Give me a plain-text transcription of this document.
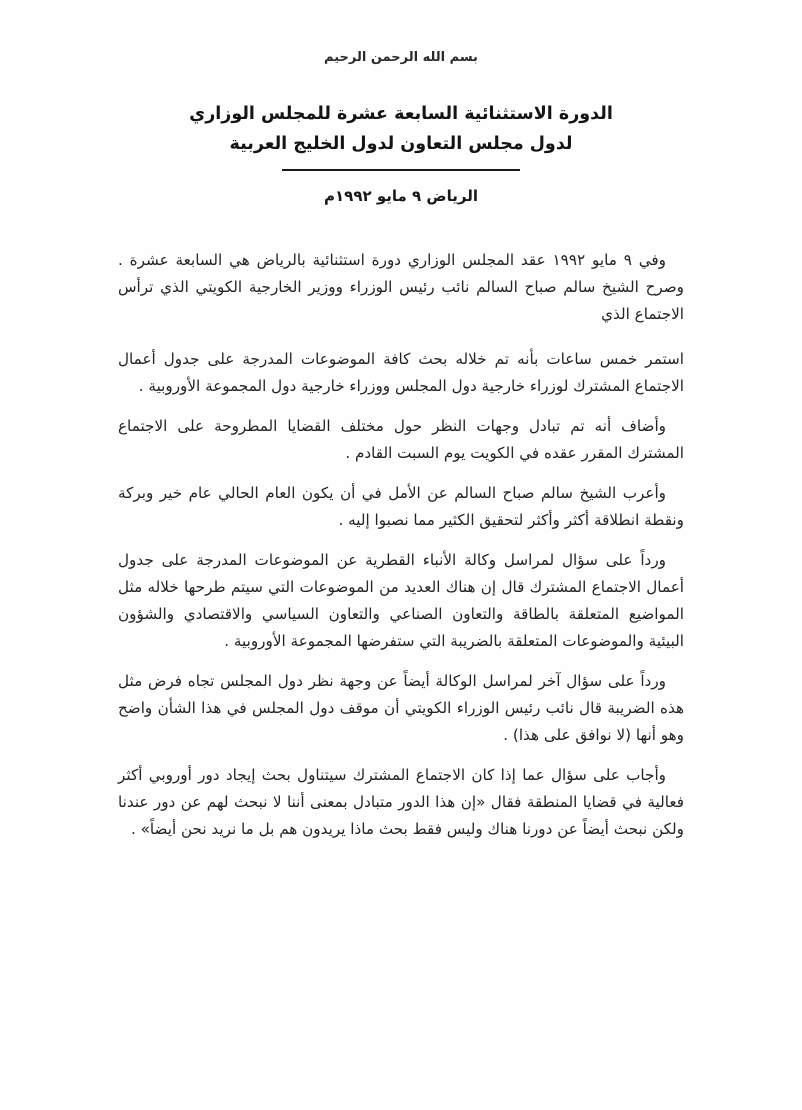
بسم الله الرحمن الرحيم

الدورة الاستثنائية السابعة عشرة للمجلس الوزاري

لدول مجلس التعاون لدول الخليج العربية

الرياض ٩ مايو ١٩٩٢م

وفي ٩ مايو ١٩٩٢ عقد المجلس الوزاري دورة استثنائية بالرياض هي السابعة عشرة . وصرح الشيخ سالم صباح السالم نائب رئيس الوزراء ووزير الخارجية الكويتي الذي ترأس الاجتماع الذي

استمر خمس ساعات بأنه تم خلاله بحث كافة الموضوعات المدرجة على جدول أعمال الاجتماع المشترك لوزراء خارجية دول المجلس ووزراء خارجية دول المجموعة الأوروبية .

وأضاف أنه تم تبادل وجهات النظر حول مختلف القضايا المطروحة على الاجتماع المشترك المقرر عقده في الكويت يوم السبت القادم .

وأعرب الشيخ سالم صباح السالم عن الأمل في أن يكون العام الحالي عام خير وبركة ونقطة انطلاقة أكثر وأكثر لتحقيق الكثير مما نصبوا إليه .

ورداً على سؤال لمراسل وكالة الأنباء القطرية عن الموضوعات المدرجة على جدول أعمال الاجتماع المشترك قال إن هناك العديد من الموضوعات التي سيتم طرحها خلاله مثل المواضيع المتعلقة بالطاقة والتعاون الصناعي والتعاون السياسي والاقتصادي والشؤون البيئية والموضوعات المتعلقة بالضريبة التي ستفرضها المجموعة الأوروبية .

ورداً على سؤال آخر لمراسل الوكالة أيضاً عن وجهة نظر دول المجلس تجاه فرض مثل هذه الضريبة قال نائب رئيس الوزراء الكويتي أن موقف دول المجلس في هذا الشأن واضح وهو أنها (لا نوافق على هذا) .

وأجاب على سؤال عما إذا كان الاجتماع المشترك سيتناول بحث إيجاد دور أوروبي أكثر فعالية في قضايا المنطقة فقال «إن هذا الدور متبادل بمعنى أننا لا نبحث لهم عن دور عندنا ولكن نبحث أيضاً عن دورنا هناك وليس فقط بحث ماذا يريدون هم بل ما نريد نحن أيضاً» .
